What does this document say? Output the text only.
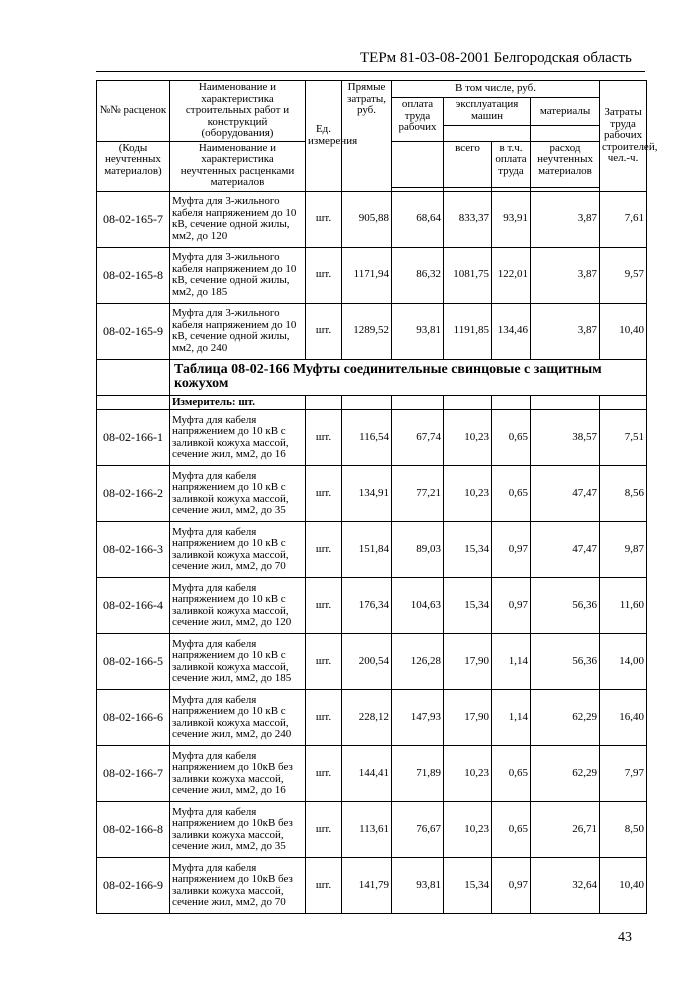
ТЕРм 81-03-08-2001 Белгородская область
№№ расценок	Наименование и характеристика строительных работ и конструкций (оборудования)	Ед. измерения	Прямые затраты, руб.	В том числе, руб.				Затраты труда рабочих строителей, чел.-ч.
				оплата труда рабочих	эксплуатация машин		материалы	

(Коды неучтенных материалов)	Наименование и характеристика неучтенных расценками материалов				всего	в т.ч. оплата труда	расход неучтенных материалов	

08-02-165-7	Муфта для 3-жильного кабеля напряжением до 10 кВ, сечение одной жилы, мм2, до 120	шт.	905,88	68,64	833,37	93,91	3,87	7,61
08-02-165-8	Муфта для 3-жильного кабеля напряжением до 10 кВ, сечение одной жилы, мм2, до 185	шт.	1171,94	86,32	1081,75	122,01	3,87	9,57
08-02-165-9	Муфта для 3-жильного кабеля напряжением до 10 кВ, сечение одной жилы, мм2, до 240	шт.	1289,52	93,81	1191,85	134,46	3,87	10,40
	Таблица 08-02-166 Муфты соединительные свинцовые с защитным кожухом							
	Измеритель: шт.							
08-02-166-1	Муфта для кабеля напряжением до 10 кВ с заливкой кожуха массой, сечение жил, мм2, до 16	шт.	116,54	67,74	10,23	0,65	38,57	7,51
08-02-166-2	Муфта для кабеля напряжением до 10 кВ с заливкой кожуха массой, сечение жил, мм2, до 35	шт.	134,91	77,21	10,23	0,65	47,47	8,56
08-02-166-3	Муфта для кабеля напряжением до 10 кВ с заливкой кожуха массой, сечение жил, мм2, до 70	шт.	151,84	89,03	15,34	0,97	47,47	9,87
08-02-166-4	Муфта для кабеля напряжением до 10 кВ с заливкой кожуха массой, сечение жил, мм2, до 120	шт.	176,34	104,63	15,34	0,97	56,36	11,60
08-02-166-5	Муфта для кабеля напряжением до 10 кВ с заливкой кожуха массой, сечение жил, мм2, до 185	шт.	200,54	126,28	17,90	1,14	56,36	14,00
08-02-166-6	Муфта для кабеля напряжением до 10 кВ с заливкой кожуха массой, сечение жил, мм2, до 240	шт.	228,12	147,93	17,90	1,14	62,29	16,40
08-02-166-7	Муфта для кабеля напряжением до 10кВ без заливки кожуха массой, сечение жил, мм2, до 16	шт.	144,41	71,89	10,23	0,65	62,29	7,97
08-02-166-8	Муфта для кабеля напряжением до 10кВ без заливки кожуха массой, сечение жил, мм2, до 35	шт.	113,61	76,67	10,23	0,65	26,71	8,50
08-02-166-9	Муфта для кабеля напряжением до 10кВ без заливки кожуха массой, сечение жил, мм2, до 70	шт.	141,79	93,81	15,34	0,97	32,64	10,40
43
